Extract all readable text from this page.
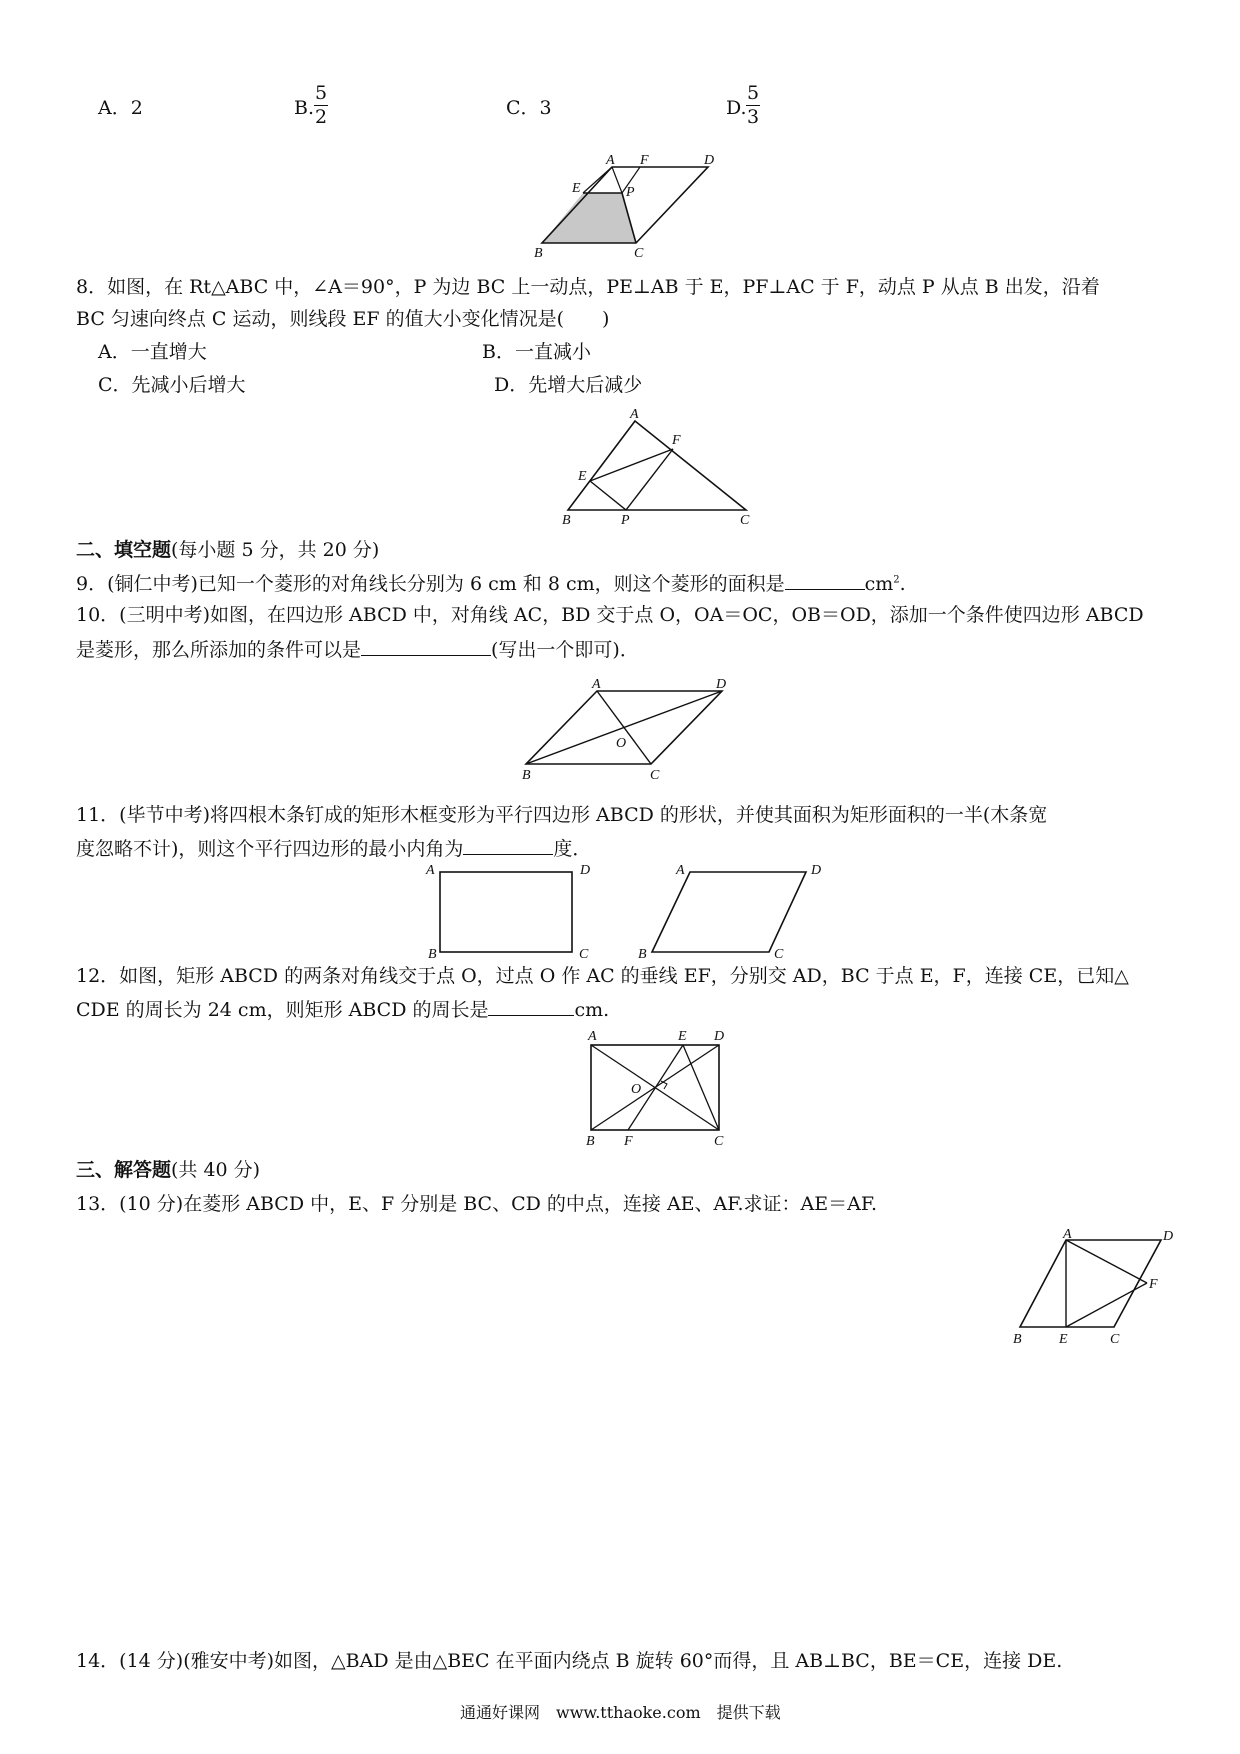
A．2	B. $\frac{5}{2}$	C．3	D. $\frac{5}{3}$
A F	D
E	P
B	C
8．如图，在 Rt△ABC 中，∠A＝90°，P 为边 BC 上一动点，PE⊥AB 于 E，PF⊥AC 于 F，动点 P 从点 B 出发，沿着
BC 匀速向终点 C 运动，则线段 EF 的值大小变化情况是(　　)
A．一直增大	B．一直减小
C．先减小后增大	D．先增大后减少
A
F
E
B	P	C
二、填空题(每小题 5 分，共 20 分)
9．(铜仁中考)已知一个菱形的对角线长分别为 6 cm 和 8 cm，则这个菱形的面积是	$cm^2$.
10．(三明中考)如图，在四边形 ABCD 中，对角线 AC，BD 交于点 O，OA＝OC，OB＝OD，添加一个条件使四边形 ABCD
是菱形，那么所添加的条件可以是	(写出一个即可)．
A	D
O
B	C
11．(毕节中考)将四根木条钉成的矩形木框变形为平行四边形 ABCD 的形状，并使其面积为矩形面积的一半(木条宽
度忽略不计)，则这个平行四边形的最小内角为	度．
A	D
B	C
A	D
B	C
12．如图，矩形 ABCD 的两条对角线交于点 O，过点 O 作 AC 的垂线 EF，分别交 AD，BC 于点 E，F，连接 CE，已知△
CDE 的周长为 24 cm，则矩形 ABCD 的周长是	cm.
A	E D
O
B F	C
三、解答题(共 40 分)
13．(10 分)在菱形 ABCD 中，E、F 分别是 BC、CD 的中点，连接 AE、AF.求证：AE＝AF.
A	D
F
B	E	C
14．(14 分)(雅安中考)如图，△BAD 是由△BEC 在平面内绕点 B 旋转 60°而得，且 AB⊥BC，BE＝CE，连接 DE.
通通好课网　www.tthaoke.com　提供下载
